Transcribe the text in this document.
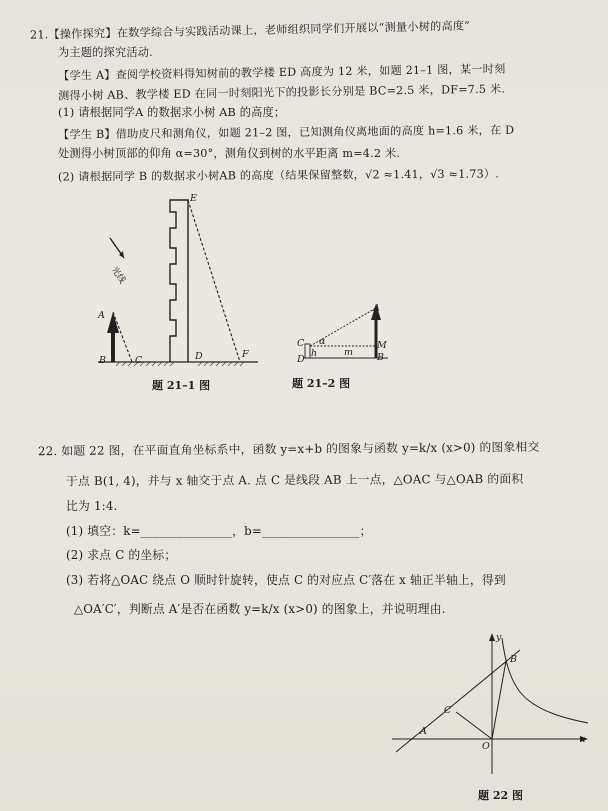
21.【操作探究】在数学综合与实践活动课上，老师组织同学们开展以“测量小树的高度”
为主题的探究活动.
【学生 A】查阅学校资料得知树前的教学楼 ED 高度为 12 米，如题 21–1 图，某一时刻
测得小树 AB、教学楼 ED 在同一时刻阳光下的投影长分别是 BC=2.5 米，DF=7.5 米.
(1) 请根据同学A 的数据求小树 AB 的高度；
【学生 B】借助皮尺和测角仪，如题 21–2 图，已知测角仪离地面的高度 h=1.6 米，在 D
处测得小树顶部的仰角 α=30°，测角仪到树的水平距离 m=4.2 米.
(2) 请根据同学 B 的数据求小树AB 的高度（结果保留整数，√2 ≈1.41，√3 ≈1.73）.
光线
E
A
B	C	D	F
题 21–1 图
A
C α
h	m
M
D	B
题 21–2 图
22. 如题 22 图，在平面直角坐标系中，函数 y=x+b 的图象与函数 y=k/x (x>0) 的图象相交
于点 B(1, 4)，并与 x 轴交于点 A. 点 C 是线段 AB 上一点，△OAC 与△OAB 的面积
比为 1:4.
(1) 填空：k=_______________，b=________________；
(2) 求点 C 的坐标；
(3) 若将△OAC 绕点 O 顺时针旋转，使点 C 的对应点 C′落在 x 轴正半轴上，得到
△OA′C′，判断点 A′是否在函数 y=k/x (x>0) 的图象上，并说明理由.
y
B
C
A
O
x
题 22 图
